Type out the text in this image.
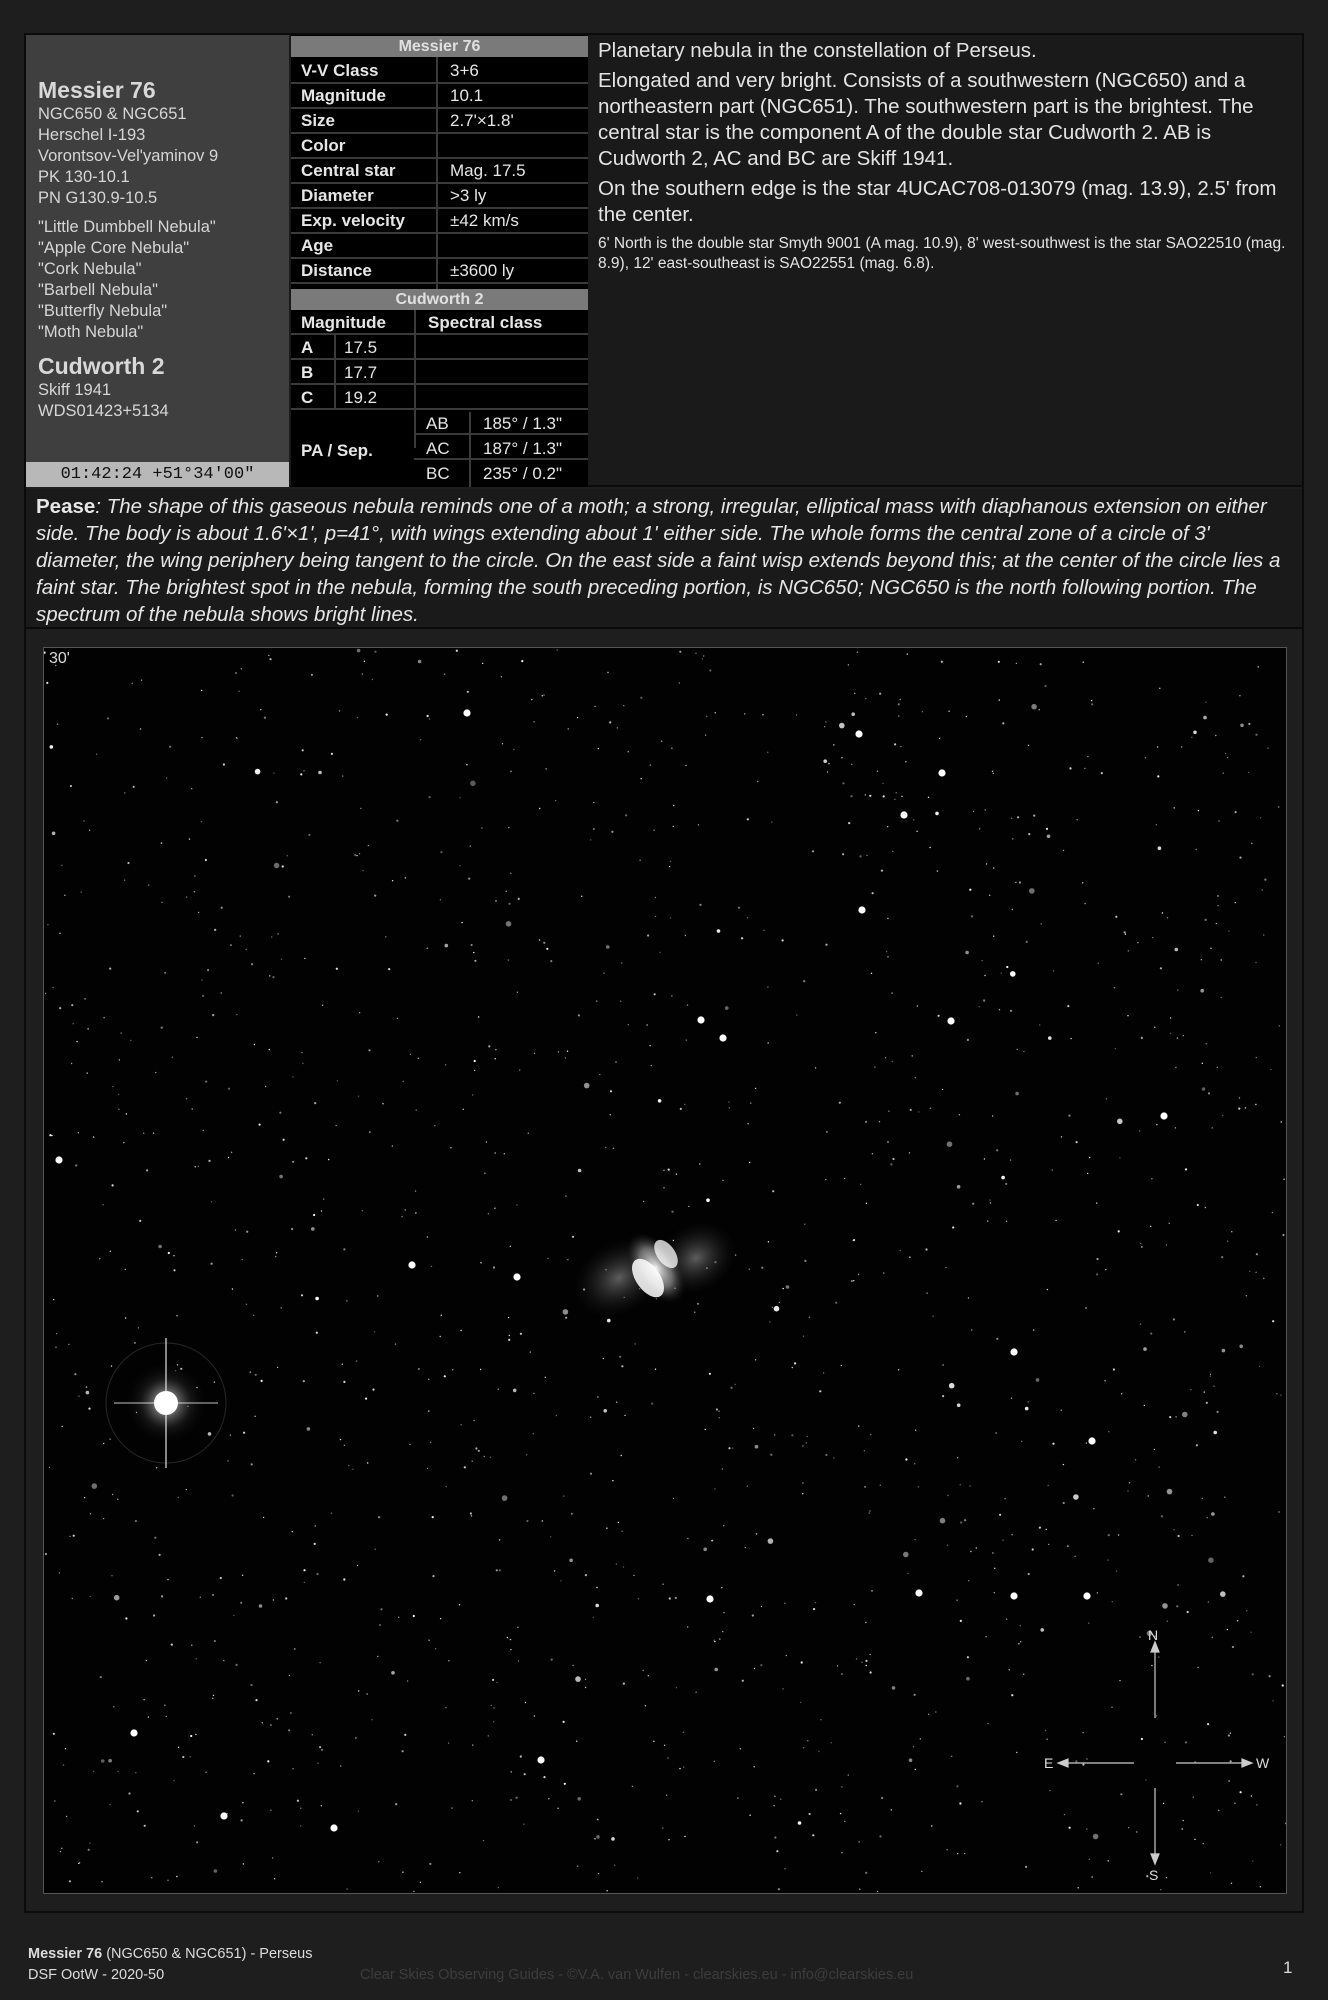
Messier 76
NGC650 & NGC651
Herschel I-193
Vorontsov-Vel'yaminov 9
PK 130-10.1
PN G130.9-10.5
"Little Dumbbell Nebula"
"Apple Core Nebula"
"Cork Nebula"
"Barbell Nebula"
"Butterfly Nebula"
"Moth Nebula"
Cudworth 2
Skiff 1941
WDS01423+5134
01:42:24 +51°34'00"
Messier 76
V-V Class	3+6
Magnitude	10.1
Size	2.7'×1.8'
Color
Central star	Mag. 17.5
Diameter	>3 ly
Exp. velocity	±42 km/s
Age
Distance	±3600 ly
Cudworth 2
Magnitude Spectral class
A 17.5
B 17.7
C 19.2
PA / Sep.
AB 185° / 1.3"
AC 187° / 1.3"
BC 235° / 0.2"

Planetary nebula in the constellation of Perseus.

Elongated and very bright. Consists of a southwestern (NGC650) and a northeastern part (NGC651). The southwestern part is the brightest. The central star is the component A of the double star Cudworth 2. AB is Cudworth 2, AC and BC are Skiff 1941.

On the southern edge is the star 4UCAC708-013079 (mag. 13.9), 2.5' from the center.

6' North is the double star Smyth 9001 (A mag. 10.9), 8' west-southwest is the star SAO22510 (mag. 8.9), 12' east-southeast is SAO22551 (mag. 6.8).

Pease: The shape of this gaseous nebula reminds one of a moth; a strong, irregular, elliptical mass with diaphanous extension on either side. The body is about 1.6'×1', p=41°, with wings extending about 1' either side. The whole forms the central zone of a circle of 3' diameter, the wing periphery being tangent to the circle. On the east side a faint wisp extends beyond this; at the center of the circle lies a faint star. The brightest spot in the nebula, forming the south preceding portion, is NGC650; NGC650 is the north following portion. The spectrum of the nebula shows bright lines.

N
S
E	W
30'
Messier 76 (NGC650 & NGC651) - Perseus
DSF OotW - 2020-50	Clear Skies Observing Guides - ©V.A. van Wulfen - clearskies.eu - info@clearskies.eu	1
